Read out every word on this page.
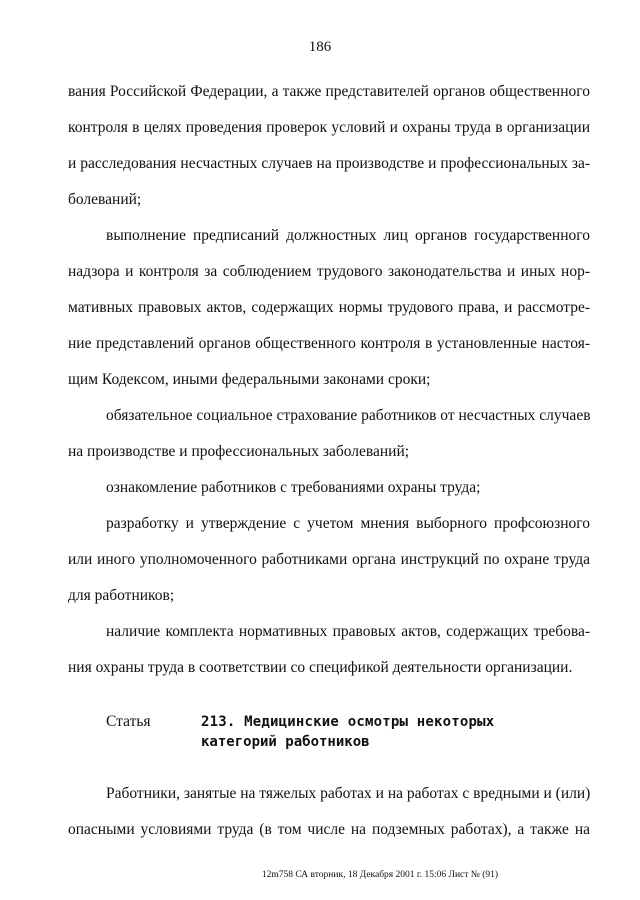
186

вания Российской Федерации, а также представителей органов общественного
контроля в целях проведения проверок условий и охраны труда в организации
и расследования несчастных случаев на производстве и профессиональных за-
болеваний;

выполнение предписаний должностных лиц органов государственного
надзора и контроля за соблюдением трудового законодательства и иных нор-
мативных правовых актов, содержащих нормы трудового права, и рассмотре-
ние представлений органов общественного контроля в установленные настоя-
щим Кодексом, иными федеральными законами сроки;

обязательное социальное страхование работников от несчастных случаев
на производстве и профессиональных заболеваний;

ознакомление работников с требованиями охраны труда;

разработку и утверждение с учетом мнения выборного профсоюзного
или иного уполномоченного работниками органа инструкций по охране труда
для работников;

наличие комплекта нормативных правовых актов, содержащих требова-
ния охраны труда в соответствии со спецификой деятельности организации.

Статья	213. Медицинские осмотры некоторых
категорий работников

Работники, занятые на тяжелых работах и на работах с вредными и (или)
опасными условиями труда (в том числе на подземных работах), а также на

12m758 СА вторник, 18 Декабря 2001 г. 15:06 Лист № (91)
